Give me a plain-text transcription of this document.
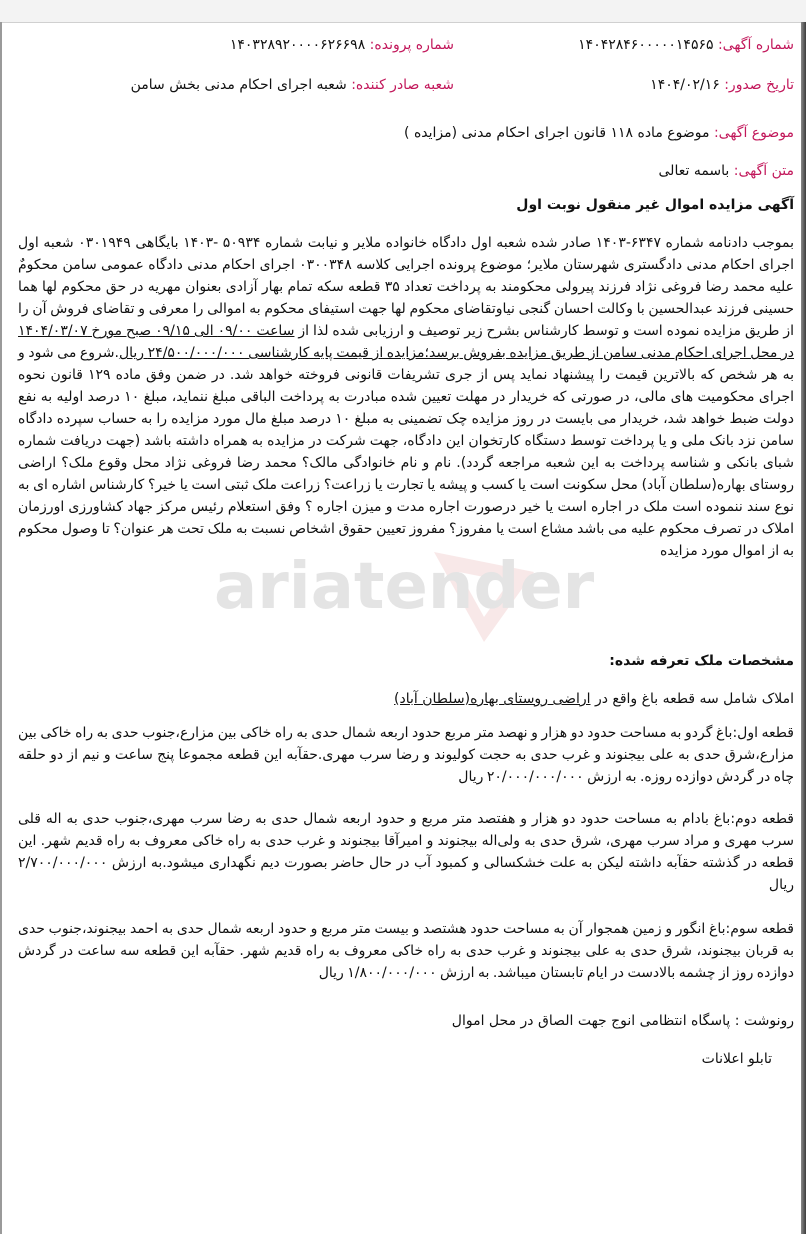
شماره آگهی: ۱۴۰۴۲۸۴۶۰۰۰۰۰۱۴۵۶۵
شماره پرونده: ۱۴۰۳۲۸۹۲۰۰۰۰۶۲۶۶۹۸
تاریخ صدور: ۱۴۰۴/۰۲/۱۶
شعبه صادر کننده: شعبه اجرای احکام مدنی بخش سامن
موضوع آگهی: موضوع ماده ۱۱۸ قانون اجرای احکام مدنی (مزایده )
متن آگهی: باسمه تعالی
آگهی مزایده اموال غیر منقول نوبت اول
بموجب دادنامه شماره ۶۳۴۷-۱۴۰۳ صادر شده شعبه اول دادگاه خانواده ملایر و نیابت شماره ۵۰۹۳۴ -۱۴۰۳ بایگاهی ۰۳۰۱۹۴۹ شعبه اول اجرای احکام مدنی دادگستری شهرستان ملایر؛ موضوع پرونده اجرایی کلاسه ۰۳۰۰۳۴۸ اجرای احکام مدنی دادگاه عمومی سامن محکومٌ علیه محمد رضا فروغی نژاد فرزند پیرولی محکومند به پرداخت تعداد ۳۵ قطعه سکه تمام بهار آزادی بعنوان مهریه در حق محکوم لها هما حسینی فرزند عبدالحسین با وکالت احسان گنجی نیاوتقاضای محکوم لها جهت استیفای محکوم به اموالی را معرفی و تقاضای فروش آن را از طریق مزایده نموده است و توسط کارشناس بشرح زیر توصیف و ارزیابی شده لذا از ساعت ۰۹/۰۰ الی ۰۹/۱۵ صبح مورخ ۱۴۰۴/۰۳/۰۷ در محل اجرای احکام مدنی سامن از طریق مزایده بفروش برسد؛مزایده از قیمت پایه کارشناسی ۲۴/۵۰۰/۰۰۰/۰۰۰ ریال.شروع می شود و به هر شخص که بالاترین قیمت را پیشنهاد نماید پس از جری تشریفات قانونی فروخته خواهد شد. در ضمن وفق ماده ۱۲۹ قانون نحوه اجرای محکومیت های مالی، در صورتی که خریدار در مهلت تعیین شده مبادرت به پرداخت الباقی مبلغ ننماید، مبلغ ۱۰ درصد اولیه به نفع دولت ضبط خواهد شد، خریدار می بایست در روز مزایده چک تضمینی به مبلغ ۱۰ درصد مبلغ مال مورد مزایده را به حساب سپرده دادگاه سامن نزد بانک ملی و یا پرداخت توسط دستگاه کارتخوان این دادگاه، جهت شرکت در مزایده به همراه داشته باشد (جهت دریافت شماره شبای بانکی و شناسه پرداخت به این شعبه مراجعه گردد). نام و نام خانوادگی مالک؟ محمد رضا فروغی نژاد محل وقوع ملک؟ اراضی روستای بهاره(سلطان آباد) محل سکونت است یا کسب و پیشه یا تجارت یا زراعت؟ زراعت ملک ثبتی است یا خیر؟ کارشناس اشاره ای به نوع سند ننموده است ملک در اجاره است یا خیر درصورت اجاره مدت و میزن اجاره ؟ وفق استعلام رئیس مرکز جهاد کشاورزی اورزمان املاک در تصرف محکوم علیه می باشد مشاع است یا مفروز؟ مفروز تعیین حقوق اشخاص نسبت به ملک تحت هر عنوان؟ تا وصول محکوم به از اموال مورد مزایده
مشخصات ملک تعرفه شده:
املاک شامل سه قطعه باغ واقع در اراضی روستای بهاره(سلطان آباد)
قطعه اول:باغ گردو به مساحت حدود دو هزار و نهصد متر مربع حدود اربعه شمال حدی به راه خاکی بین مزارع،جنوب حدی به راه خاکی بین مزارع،شرق حدی به علی بیجنوند و غرب حدی به حجت کولیوند و رضا سرب مهری.حقآبه این قطعه مجموعا پنج ساعت و نیم از دو حلقه چاه در گردش دوازده روزه. به ارزش ۲۰/۰۰۰/۰۰۰/۰۰۰ ریال
قطعه دوم:باغ بادام به مساحت حدود دو هزار و هفتصد متر مربع و حدود اربعه شمال حدی به رضا سرب مهری،جنوب حدی به اله قلی سرب مهری و مراد سرب مهری، شرق حدی به ولی‌اله بیجنوند و امیرآقا بیجنوند و غرب حدی به راه خاکی معروف به راه قدیم شهر. این قطعه در گذشته حقآبه داشته لیکن به علت خشکسالی و کمبود آب در حال حاضر بصورت دیم نگهداری میشود.به ارزش ۲/۷۰۰/۰۰۰/۰۰۰ ریال
قطعه سوم:باغ انگور و زمین همجوار آن به مساحت حدود هشتصد و بیست متر مربع و حدود اربعه شمال حدی به احمد بیجنوند،جنوب حدی به قربان بیجنوند، شرق حدی به علی بیجنوند و غرب حدی به راه خاکی معروف به راه قدیم شهر. حقآبه این قطعه سه ساعت در گردش دوازده روز از چشمه بالادست در ایام تابستان میباشد. به ارزش ۱/۸۰۰/۰۰۰/۰۰۰ ریال
رونوشت : پاسگاه انتظامی انوج جهت الصاق در محل اموال
تابلو اعلانات
ariatender
